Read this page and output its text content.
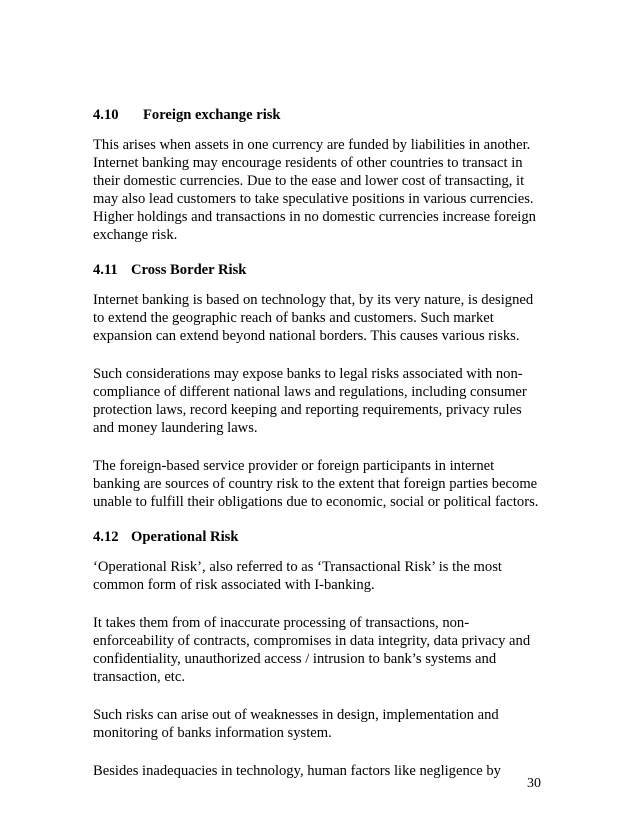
4.10 Foreign exchange risk

This arises when assets in one currency are funded by liabilities in another.
Internet banking may encourage residents of other countries to transact in
their domestic currencies. Due to the ease and lower cost of transacting, it
may also lead customers to take speculative positions in various currencies.
Higher holdings and transactions in no domestic currencies increase foreign
exchange risk.

4.11 Cross Border Risk

Internet banking is based on technology that, by its very nature, is designed
to extend the geographic reach of banks and customers. Such market
expansion can extend beyond national borders. This causes various risks.

Such considerations may expose banks to legal risks associated with non-
compliance of different national laws and regulations, including consumer
protection laws, record keeping and reporting requirements, privacy rules
and money laundering laws.

The foreign-based service provider or foreign participants in internet
banking are sources of country risk to the extent that foreign parties become
unable to fulfill their obligations due to economic, social or political factors.

4.12 Operational Risk

‘Operational Risk’, also referred to as ‘Transactional Risk’ is the most
common form of risk associated with I-banking.

It takes them from of inaccurate processing of transactions, non-
enforceability of contracts, compromises in data integrity, data privacy and
confidentiality, unauthorized access / intrusion to bank’s systems and
transaction, etc.

Such risks can arise out of weaknesses in design, implementation and
monitoring of banks information system.

Besides inadequacies in technology, human factors like negligence by

30
